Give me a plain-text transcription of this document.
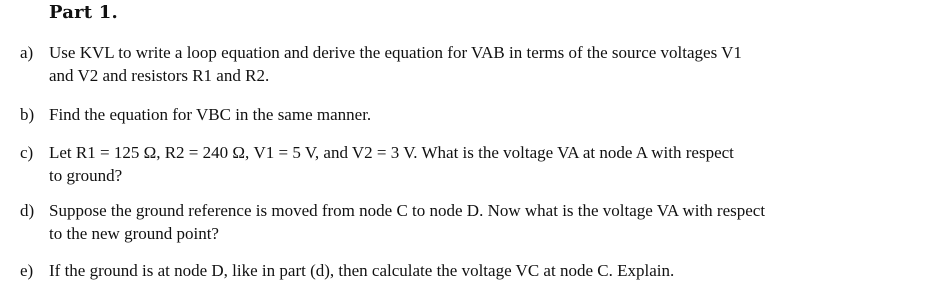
Part 1.
a) Use KVL to write a loop equation and derive the equation for VAB in terms of the source voltages V1
and V2 and resistors R1 and R2.
b) Find the equation for VBC in the same manner.
c) Let R1 = 125 Ω, R2 = 240 Ω, V1 = 5 V, and V2 = 3 V. What is the voltage VA at node A with respect
to ground?
d) Suppose the ground reference is moved from node C to node D. Now what is the voltage VA with respect
to the new ground point?
e) If the ground is at node D, like in part (d), then calculate the voltage VC at node C. Explain.
